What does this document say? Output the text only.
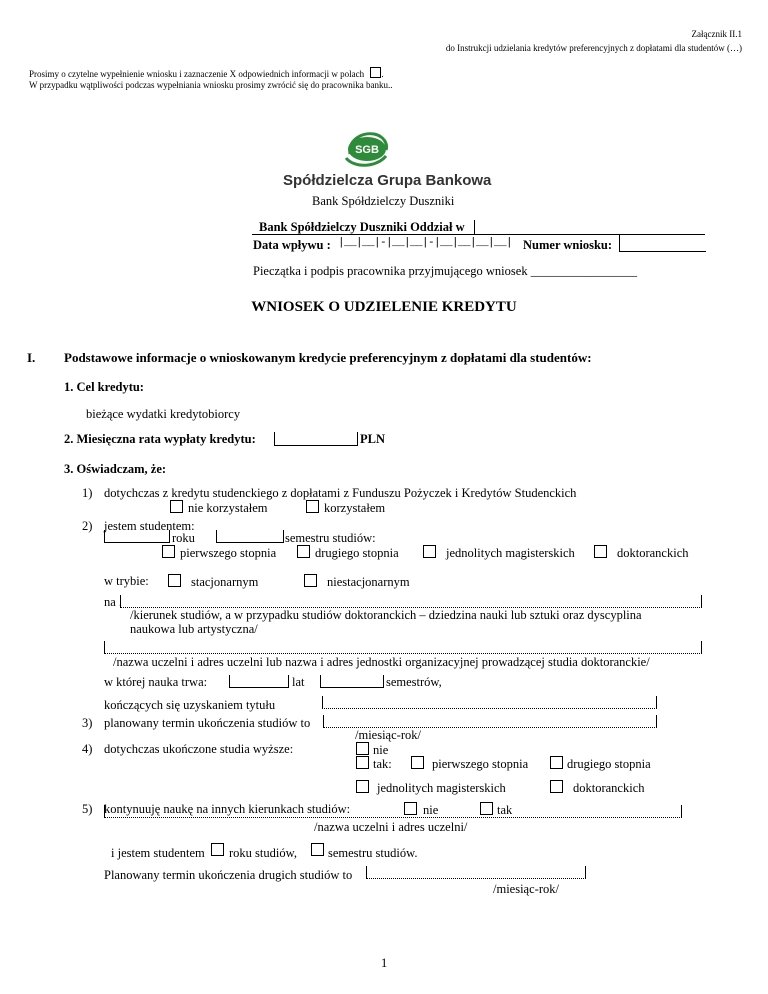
Załącznik II.1
do Instrukcji udzielania kredytów preferencyjnych z dopłatami dla studentów (…)
Prosimy o czytelne wypełnienie wniosku i zaznaczenie X odpowiednich informacji w polach .
W przypadku wątpliwości podczas wypełniania wniosku prosimy zwrócić się do pracownika banku..
SGB
Spółdzielcza Grupa Bankowa
Bank Spółdzielczy Duszniki
Bank Spółdzielczy Duszniki Oddział w
Data wpływu : |__|__|-|__|__|-|__|__|__|__| Numer wniosku:
Pieczątka i podpis pracownika przyjmującego wniosek _________________
WNIOSEK O UDZIELENIE KREDYTU
I. Podstawowe informacje o wnioskowanym kredycie preferencyjnym z dopłatami dla studentów:
1. Cel kredytu:
bieżące wydatki kredytobiorcy
2. Miesięczna rata wypłaty kredytu:	PLN
3. Oświadczam, że:
1) dotychczas z kredytu studenckiego z dopłatami z Funduszu Pożyczek i Kredytów Studenckich
nie korzystałem	korzystałem
2) jestem studentem:
roku	semestru studiów:
pierwszego stopnia	drugiego stopnia	jednolitych magisterskich	doktoranckich
w trybie:	stacjonarnym	niestacjonarnym
na .
/kierunek studiów, a w przypadku studiów doktoranckich – dziedzina nauki lub sztuki oraz dyscyplina
naukowa lub artystyczna/
/nazwa uczelni i adres uczelni lub nazwa i adres jednostki organizacyjnej prowadzącej studia doktoranckie/
w której nauka trwa:	lat	semestrów,
kończących się uzyskaniem tytułu
3) planowany termin ukończenia studiów to
/miesiąc-rok/
4) dotychczas ukończone studia wyższe:	nie
tak:	pierwszego stopnia	drugiego stopnia
jednolitych magisterskich	doktoranckich
5) kontynuuję naukę na innych kierunkach studiów:	nie	tak
/nazwa uczelni i adres uczelni/
i jestem studentem roku studiów, semestru studiów.
Planowany termin ukończenia drugich studiów to
/miesiąc-rok/
1
